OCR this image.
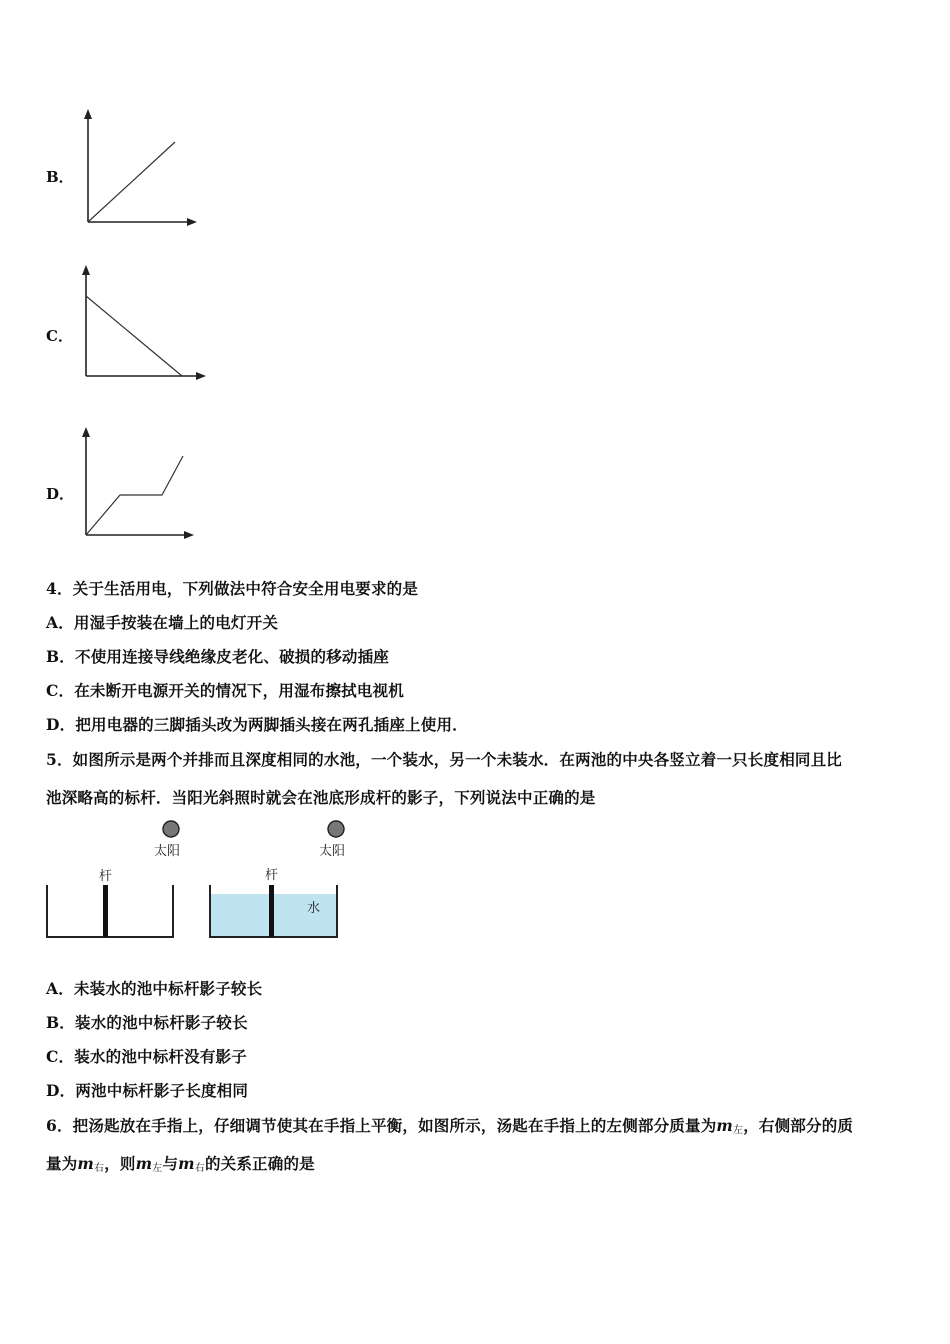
B．
C．
D．
4．关于生活用电，下列做法中符合安全用电要求的是
A．用湿手按装在墙上的电灯开关
B．不使用连接导线绝缘皮老化、破损的移动插座
C．在未断开电源开关的情况下，用湿布擦拭电视机
D．把用电器的三脚插头改为两脚插头接在两孔插座上使用．
5．如图所示是两个并排而且深度相同的水池，一个装水，另一个未装水．在两池的中央各竖立着一只长度相同且比
池深略高的标杆．当阳光斜照时就会在池底形成杆的影子，下列说法中正确的是
太阳	太阳
杆	杆
水
A．未装水的池中标杆影子较长
B．装水的池中标杆影子较长
C．装水的池中标杆没有影子
D．两池中标杆影子长度相同
6．把汤匙放在手指上，仔细调节使其在手指上平衡，如图所示，汤匙在手指上的左侧部分质量为$m_左$，右侧部分的质
量为$m_右$，则$m_左$与$m_右$的关系正确的是
